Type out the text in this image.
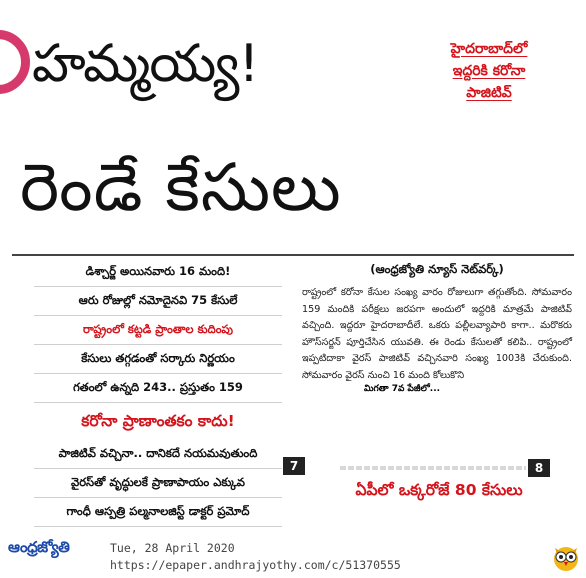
హమ్మయ్య!	హైదరాబాద్‌లో
ఇద్దరికి కరోనా
పాజిటివ్
రెండే కేసులు
డిశ్చార్జ్ అయినవారు 16 మంది!
ఆరు రోజుల్లో నమోదైనవి 75 కేసులే
రాష్ట్రంలో కట్టడి ప్రాంతాల కుదింపు
కేసులు తగ్గడంతో సర్కారు నిర్ణయం
గతంలో ఉన్నది 243.. ప్రస్తుతం 159
కరోనా ప్రాణాంతకం కాదు!
పాజిటివ్ వచ్చినా.. దానికదే నయమవుతుంది
వైరస్‌తో వృద్ధులకే ప్రాణాపాయం ఎక్కువ
గాంధీ ఆస్పత్రి పల్మనాలజిస్ట్ డాక్టర్ ప్రమోద్
(ఆంధ్రజ్యోతి న్యూస్ నెట్‌వర్క్)
రాష్ట్రంలో కరోనా కేసుల సంఖ్య వారం రోజులుగా తగ్గుతోంది. సోమవారం 159 మందికి పరీక్షలు జరపగా అందులో ఇద్దరికి మాత్రమే పాజిటివ్ వచ్చింది. ఇద్దరూ హైదరాబాదీలే. ఒకరు పల్లీలవ్యాపారి కాగా.. మరొకరు హౌస్‌సర్జన్ పూర్తిచేసిన యువతి. ఈ రెండు కేసులతో కలిపి.. రాష్ట్రంలో ఇప్పటిదాకా వైరస్ పాజిటివ్ వచ్చినవారి సంఖ్య 1003కి చేరుకుంది. సోమవారం వైరస్ నుంచి 16 మంది కోలుకొని
మిగతా 7వ పేజీలో...
7	8
ఏపీలో ఒక్కరోజే 80 కేసులు
ఆంధ్రజ్యోతి	Tue, 28 April 2020
https://epaper.andhrajyothy.com/c/51370555
